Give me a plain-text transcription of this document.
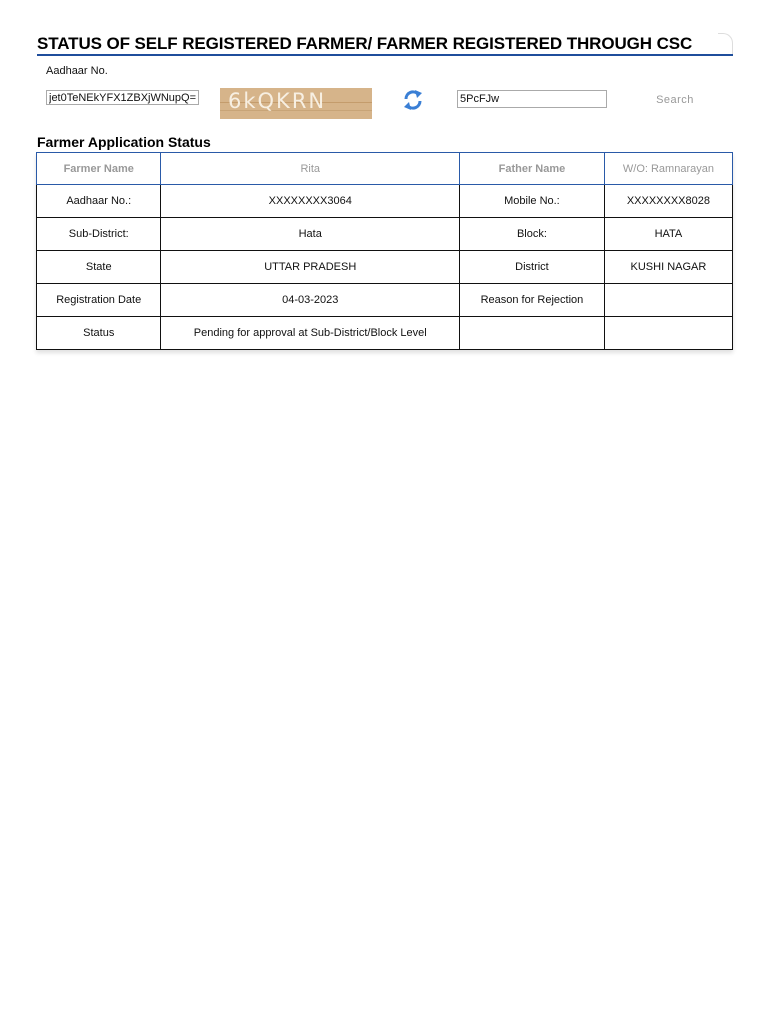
STATUS OF SELF REGISTERED FARMER/ FARMER REGISTERED THROUGH CSC
Aadhaar No.
jet0TeNEkYFX1ZBXjWNupQ==
6kQKRN
5PcFJw	Search
Farmer Application Status
Farmer Name	Rita	Father Name	W/O: Ramnarayan
Aadhaar No.:	XXXXXXXX3064	Mobile No.:	XXXXXXXX8028
Sub-District:	Hata	Block:	HATA
State	UTTAR PRADESH	District	KUSHI NAGAR
Registration Date	04-03-2023	Reason for Rejection	
Status	Pending for approval at Sub-District/Block Level		
